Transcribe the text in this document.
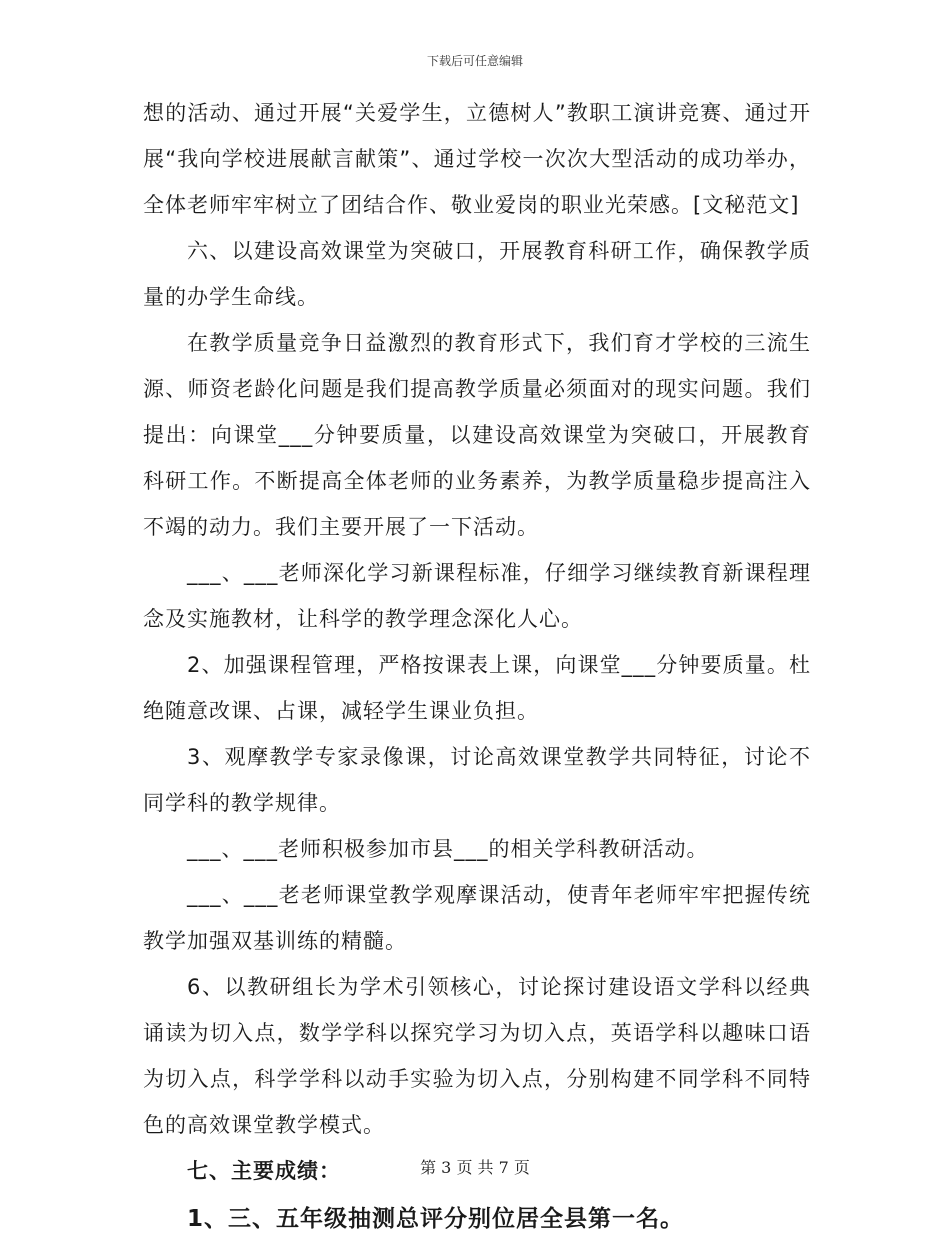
下载后可任意编辑

想的活动、通过开展“关爱学生，立德树人”教职工演讲竞赛、通过开展“我向学校进展献言献策”、通过学校一次次大型活动的成功举办，全体老师牢牢树立了团结合作、敬业爱岗的职业光荣感。[文秘范文]

六、以建设高效课堂为突破口，开展教育科研工作，确保教学质量的办学生命线。

在教学质量竞争日益激烈的教育形式下，我们育才学校的三流生源、师资老龄化问题是我们提高教学质量必须面对的现实问题。我们提出：向课堂___分钟要质量，以建设高效课堂为突破口，开展教育科研工作。不断提高全体老师的业务素养，为教学质量稳步提高注入不竭的动力。我们主要开展了一下活动。

___、___老师深化学习新课程标准，仔细学习继续教育新课程理念及实施教材，让科学的教学理念深化人心。

2、加强课程管理，严格按课表上课，向课堂___分钟要质量。杜绝随意改课、占课，减轻学生课业负担。

3、观摩教学专家录像课，讨论高效课堂教学共同特征，讨论不同学科的教学规律。

___、___老师积极参加市县___的相关学科教研活动。

___、___老老师课堂教学观摩课活动，使青年老师牢牢把握传统教学加强双基训练的精髓。

6、以教研组长为学术引领核心，讨论探讨建设语文学科以经典诵读为切入点，数学学科以探究学习为切入点，英语学科以趣味口语为切入点，科学学科以动手实验为切入点，分别构建不同学科不同特色的高效课堂教学模式。

七、主要成绩：

1、三、五年级抽测总评分别位居全县第一名。

第 3 页 共 7 页
